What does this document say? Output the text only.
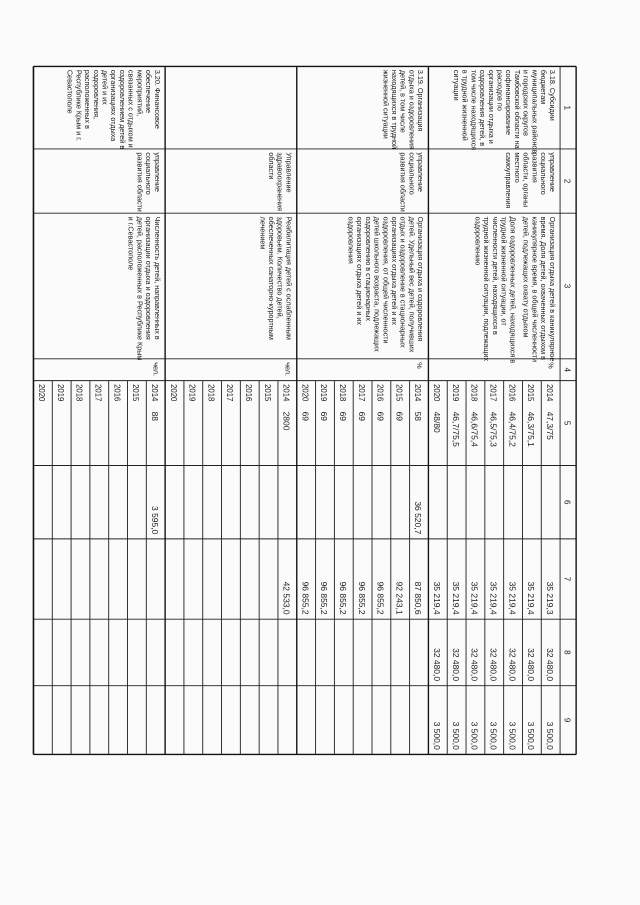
1
2
3
4
5
6
7
8
9
2014
47,3/75
35 219,3
32 480,0
3 500,0
2015
46,3/75,1
35 219,4
32 480,0
3 500,0
2016
46,4/75,2
35 219,4
32 480,0
3 500,0
2017
46,5/75,3
35 219,4
32 480,0
3 500,0
2018
46,6/75,4
35 219,4
32 480,0
3 500,0
2019
46,7/75,5
35 219,4
32 480,0
3 500,0
2020
48/80
35 219,4
32 480,0
3 500,0
3.18. Субсидиибюджетаммуниципальных районови городских округовТамбовской области насофинансированиерасходов поорганизации отдыха иоздоровления детей, втом числе находящихсяв трудной жизненнойситуации
управлениесоциальногоразвитияобласти, органыместногосамоуправления
Организация отдыха детей в каникулярноевремя. Доля детей, охваченных отдыхом вканикулярное время, в общей численностидетей, подлежащих охвату отдыхом
Доля оздоровленных детей, находящихся втрудной жизненной ситуации, отчисленности детей, находящихся втрудной жизненной ситуации, подлежащихоздоровлению
%
2014
58
36 520,7
87 850,6
2015
69
92 243,1
2016
69
96 855,2
2017
69
96 855,2
2018
69
96 855,2
2019
69
96 855,2
2020
69
96 855,2
3.19. Организацияотдыха и оздоровлениядетей, в том численаходящихся в труднойжизненной ситуации
управлениесоциальногоразвития области
Организация отдыха и оздоровлениядетей. Удельный вес детей, получившихотдых и оздоровление в стационарныхорганизациях отдыха детей и ихоздоровления, от общей численностидетей школьного возраста, подлежащихоздоровлению в стационарныхорганизациях отдыха детей и ихоздоровления
%
2014
2800
42 533,0
2015
2016
2017
2018
2019
2020
Управлениездравоохраненияобласти
Реабилитация детей с ослабленнымздоровьем. Количество детей,обеспеченных санаторно-курортнымлечением
чел.
2014
88
3 595,0
2015
2016
2017
2018
2019
2020
3.20. Финансовоеобеспечениемероприятий,связанных с отдыхом иоздоровлением детей ворганизациях отдыхадетей и ихоздоровления,расположенных вРеспублике Крым и г.Севастополе
управлениесоциальногоразвития области
Численность детей, направленных ворганизации отдыха и оздоровлениядетей, расположенных в Республике Крыми г.Севастополе
чел.
